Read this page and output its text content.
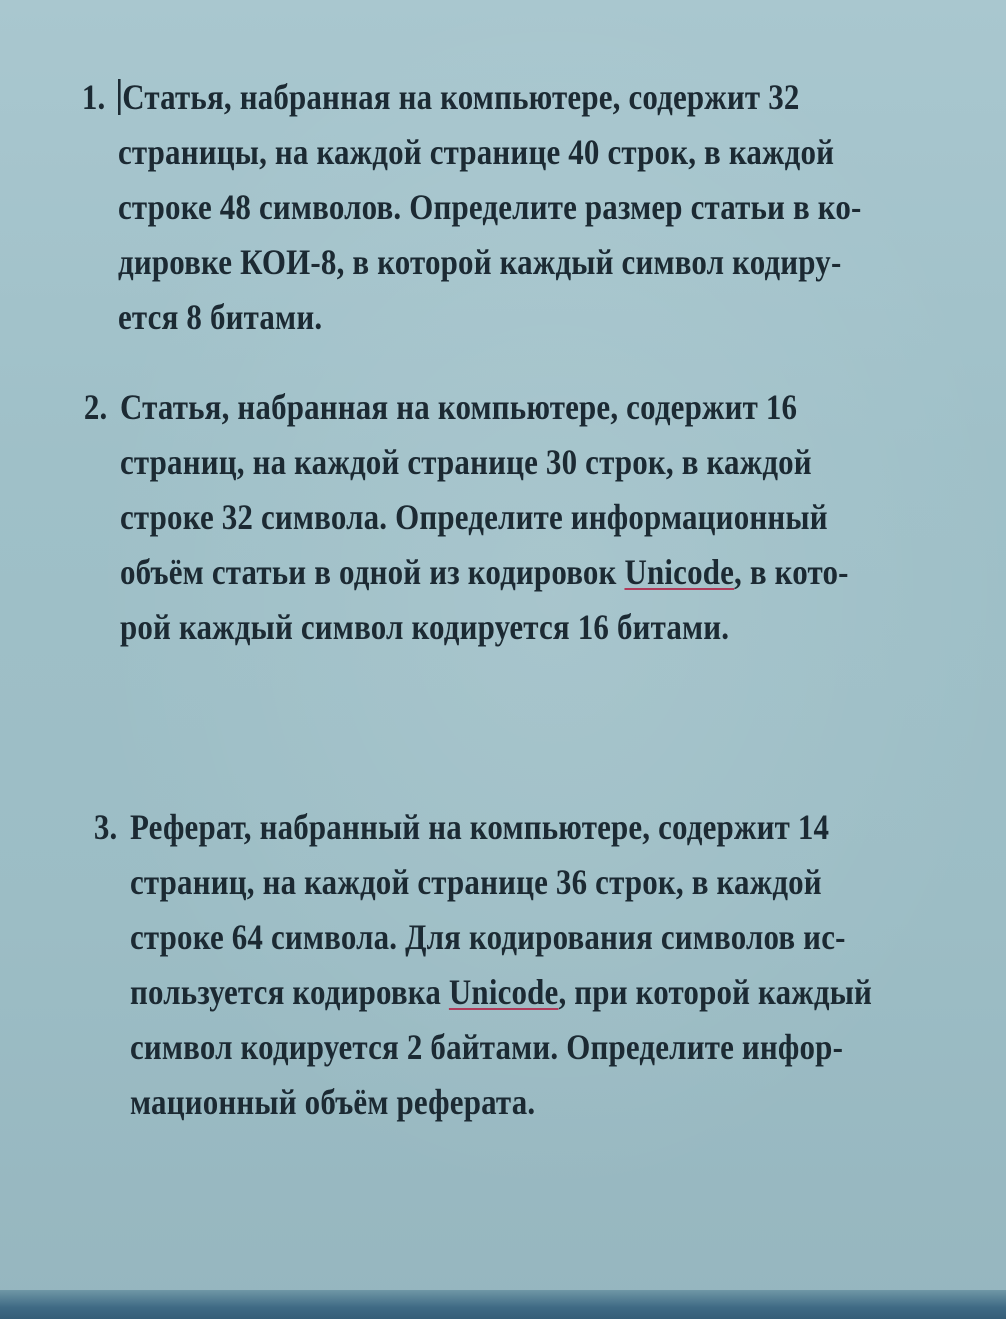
1. Статья, набранная на компьютере, содержит 32
страницы, на каждой странице 40 строк, в каждой
строке 48 символов. Определите размер статьи в ко-
дировке КОИ-8, в которой каждый символ кодиру-
ется 8 битами.
2. Статья, набранная на компьютере, содержит 16
страниц, на каждой странице 30 строк, в каждой
строке 32 символа. Определите информационный
объём статьи в одной из кодировок Unicode, в кото-
рой каждый символ кодируется 16 битами.
3. Реферат, набранный на компьютере, содержит 14
страниц, на каждой странице 36 строк, в каждой
строке 64 символа. Для кодирования символов ис-
пользуется кодировка Unicode, при которой каждый
символ кодируется 2 байтами. Определите инфор-
мационный объём реферата.
